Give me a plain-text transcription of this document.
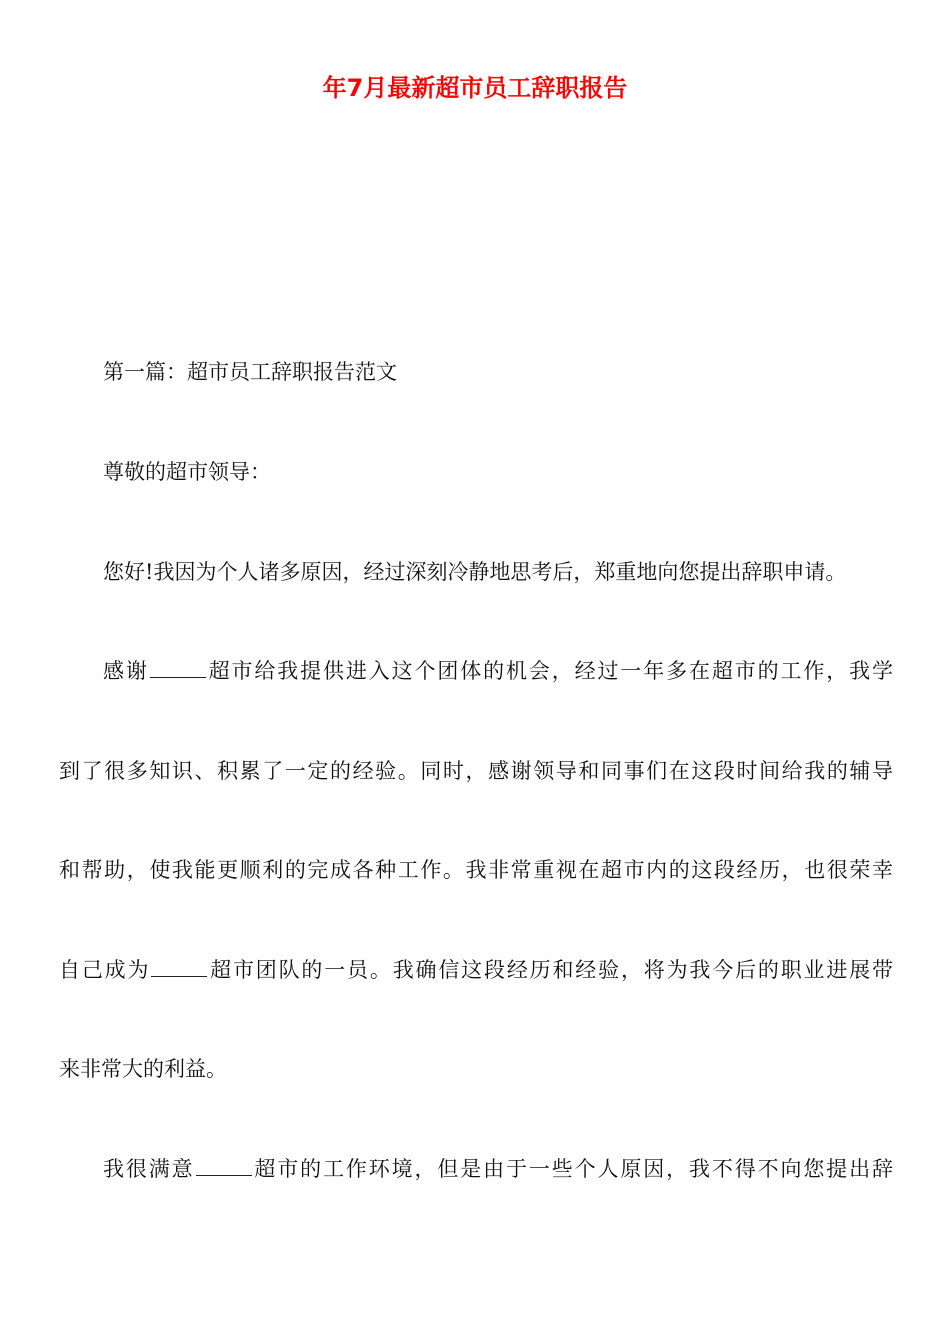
年7月最新超市员工辞职报告

第一篇：超市员工辞职报告范文

尊敬的超市领导：

您好!我因为个人诸多原因，经过深刻冷静地思考后，郑重地向您提出辞职申请。

感谢	超市给我提供进入这个团体的机会，经过一年多在超市的工作，我学

到了很多知识、积累了一定的经验。同时，感谢领导和同事们在这段时间给我的辅导

和帮助，使我能更顺利的完成各种工作。我非常重视在超市内的这段经历，也很荣幸

自己成为	超市团队的一员。我确信这段经历和经验，将为我今后的职业进展带

来非常大的利益。

我很满意	超市的工作环境，但是由于一些个人原因，我不得不向您提出辞
